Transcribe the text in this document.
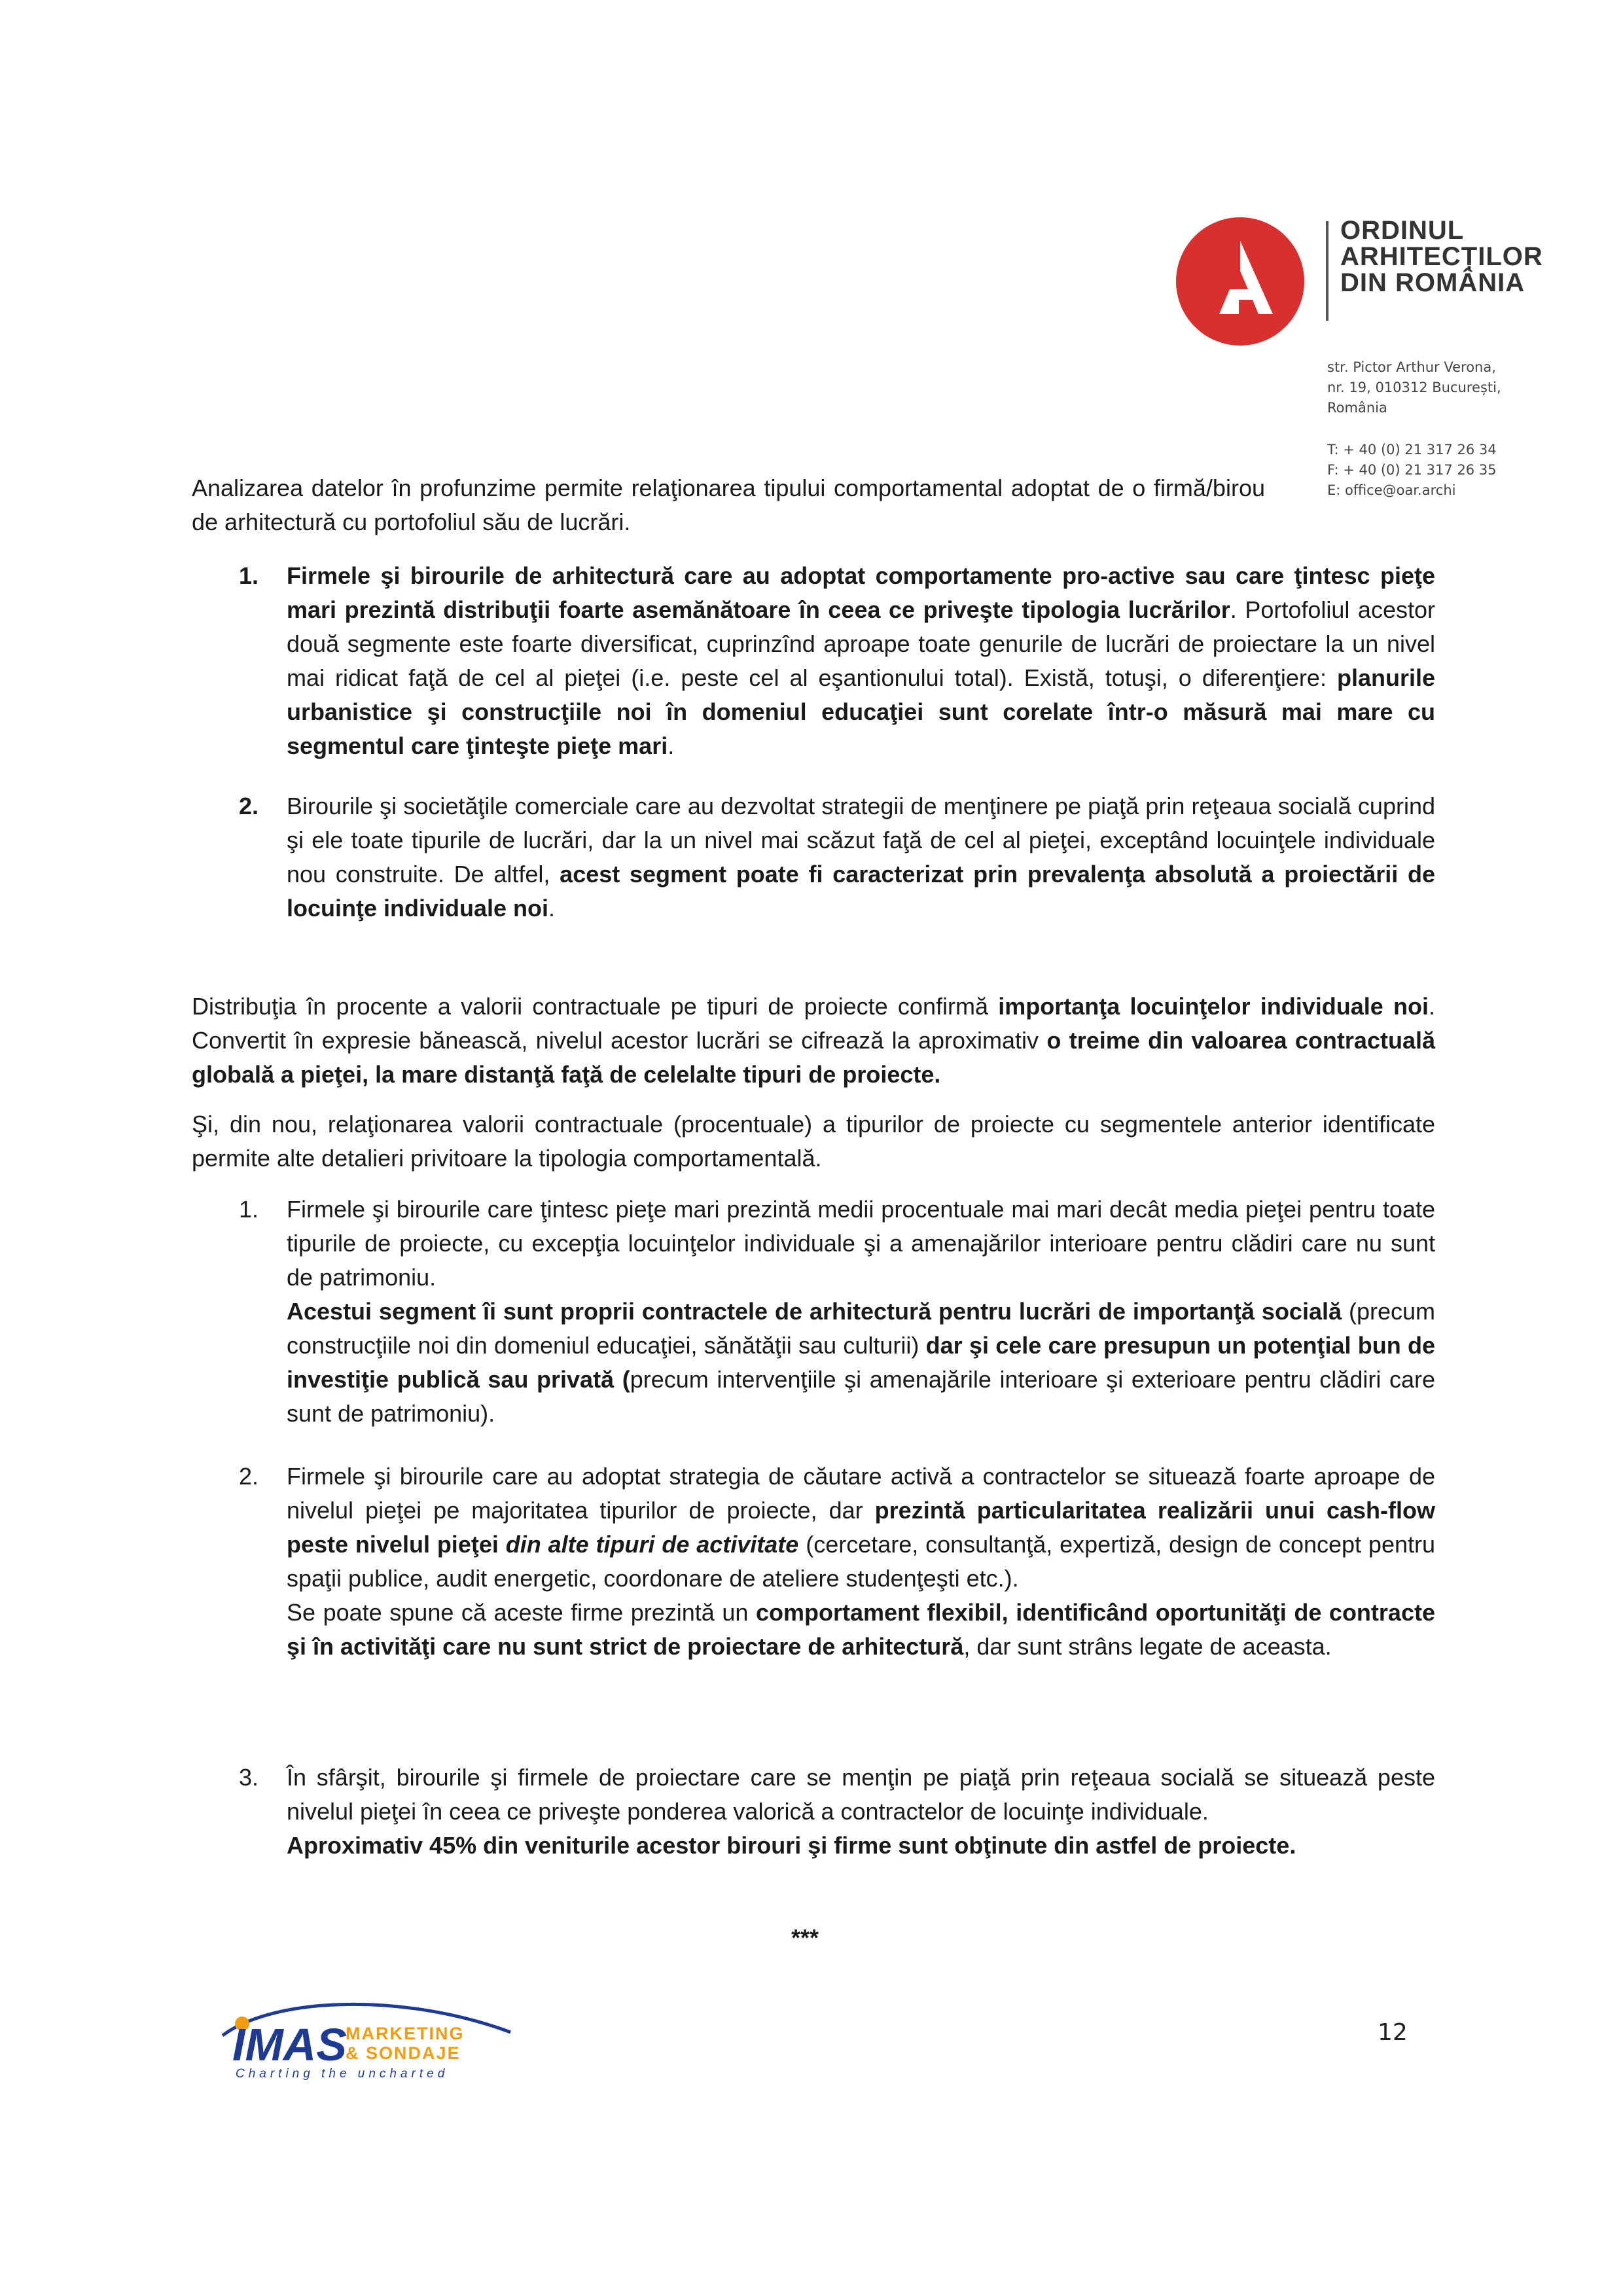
ORDINUL
ARHITECȚILOR
DIN ROMÂNIA
str. Pictor Arthur Verona,
nr. 19, 010312 București,
România
T: + 40 (0) 21 317 26 34
F: + 40 (0) 21 317 26 35
E: office@oar.archi

Analizarea datelor în profunzime permite relaţionarea tipului comportamental adoptat de o firmă/birou de arhitectură cu portofoliul său de lucrări.

1.	Firmele şi birourile de arhitectură care au adoptat comportamente pro-active sau care ţintesc pieţe mari prezintă distribuţii foarte asemănătoare în ceea ce priveşte tipologia lucrărilor. Portofoliul acestor două segmente este foarte diversificat, cuprinzînd aproape toate genurile de lucrări de proiectare la un nivel mai ridicat faţă de cel al pieţei (i.e. peste cel al eşantionului total). Există, totuşi, o diferenţiere: planurile urbanistice şi construcţiile noi în domeniul educaţiei sunt corelate într-o măsură mai mare cu segmentul care ţinteşte pieţe mari.
2.	Birourile şi societăţile comerciale care au dezvoltat strategii de menţinere pe piaţă prin reţeaua socială cuprind şi ele toate tipurile de lucrări, dar la un nivel mai scăzut faţă de cel al pieţei, exceptând locuinţele individuale nou construite. De altfel, acest segment poate fi caracterizat prin prevalenţa absolută a proiectării de locuinţe individuale noi.

Distribuţia în procente a valorii contractuale pe tipuri de proiecte confirmă importanţa locuinţelor individuale noi. Convertit în expresie bănească, nivelul acestor lucrări se cifrează la aproximativ o treime din valoarea contractuală globală a pieţei, la mare distanţă faţă de celelalte tipuri de proiecte.

Şi, din nou, relaţionarea valorii contractuale (procentuale) a tipurilor de proiecte cu segmentele anterior identificate permite alte detalieri privitoare la tipologia comportamentală.

1.	Firmele şi birourile care ţintesc pieţe mari prezintă medii procentuale mai mari decât media pieţei pentru toate tipurile de proiecte, cu excepţia locuinţelor individuale şi a amenajărilor interioare pentru clădiri care nu sunt de patrimoniu.

Acestui segment îi sunt proprii contractele de arhitectură pentru lucrări de importanţă socială (precum construcţiile noi din domeniul educaţiei, sănătăţii sau culturii) dar şi cele care presupun un potenţial bun de investiţie publică sau privată (precum intervenţiile şi amenajările interioare şi exterioare pentru clădiri care sunt de patrimoniu).

2.	Firmele şi birourile care au adoptat strategia de căutare activă a contractelor se situează foarte aproape de nivelul pieţei pe majoritatea tipurilor de proiecte, dar prezintă particularitatea realizării unui cash-flow peste nivelul pieţei din alte tipuri de activitate (cercetare, consultanţă, expertiză, design de concept pentru spaţii publice, audit energetic, coordonare de ateliere studenţeşti etc.).

Se poate spune că aceste firme prezintă un comportament flexibil, identificând oportunităţi de contracte şi în activităţi care nu sunt strict de proiectare de arhitectură, dar sunt strâns legate de aceasta.

3.	În sfârşit, birourile şi firmele de proiectare care se menţin pe piaţă prin reţeaua socială se situează peste nivelul pieţei în ceea ce priveşte ponderea valorică a contractelor de locuinţe individuale.

Aproximativ 45% din veniturile acestor birouri şi firme sunt obţinute din astfel de proiecte.

***
IMAS
MARKETING
& SONDAJE
Charting the uncharted
12
